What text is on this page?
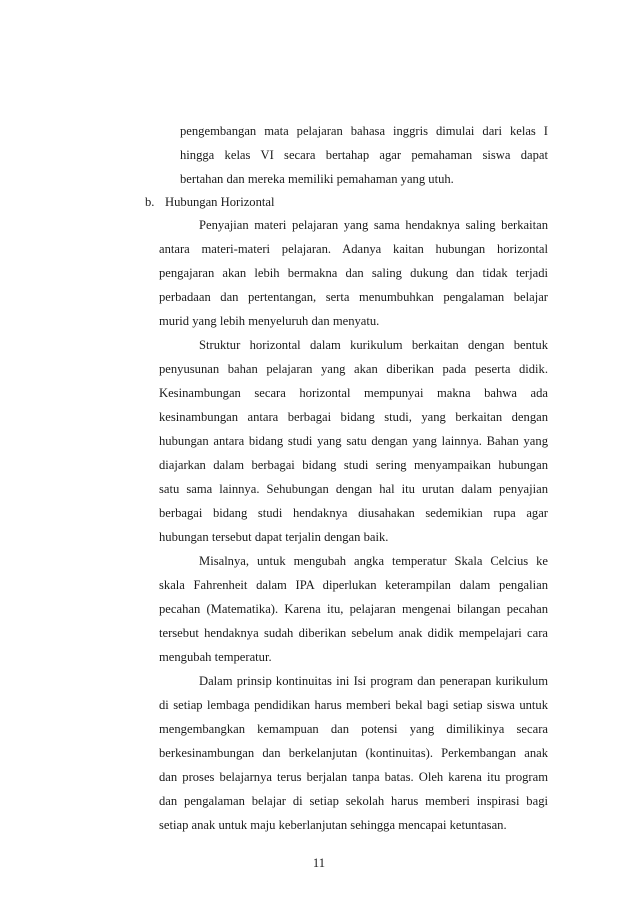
pengembangan mata pelajaran bahasa inggris dimulai dari kelas I
hingga kelas VI secara bertahap agar pemahaman siswa dapat
bertahan dan mereka memiliki pemahaman yang utuh.
b. Hubungan Horizontal
Penyajian materi pelajaran yang sama hendaknya saling berkaitan
antara materi-materi pelajaran. Adanya kaitan hubungan horizontal
pengajaran akan lebih bermakna dan saling dukung dan tidak terjadi
perbadaan dan pertentangan, serta menumbuhkan pengalaman belajar
murid yang lebih menyeluruh dan menyatu.
Struktur horizontal dalam kurikulum berkaitan dengan bentuk
penyusunan bahan pelajaran yang akan diberikan pada peserta didik.
Kesinambungan secara horizontal mempunyai makna bahwa ada
kesinambungan antara berbagai bidang studi, yang berkaitan dengan
hubungan antara bidang studi yang satu dengan yang lainnya. Bahan yang
diajarkan dalam berbagai bidang studi sering menyampaikan hubungan
satu sama lainnya. Sehubungan dengan hal itu urutan dalam penyajian
berbagai bidang studi hendaknya diusahakan sedemikian rupa agar
hubungan tersebut dapat terjalin dengan baik.
Misalnya, untuk mengubah angka temperatur Skala Celcius ke
skala Fahrenheit dalam IPA diperlukan keterampilan dalam pengalian
pecahan (Matematika). Karena itu, pelajaran mengenai bilangan pecahan
tersebut hendaknya sudah diberikan sebelum anak didik mempelajari cara
mengubah temperatur.
Dalam prinsip kontinuitas ini Isi program dan penerapan kurikulum
di setiap lembaga pendidikan harus memberi bekal bagi setiap siswa untuk
mengembangkan kemampuan dan potensi yang dimilikinya secara
berkesinambungan dan berkelanjutan (kontinuitas). Perkembangan anak
dan proses belajarnya terus berjalan tanpa batas. Oleh karena itu program
dan pengalaman belajar di setiap sekolah harus memberi inspirasi bagi
setiap anak untuk maju keberlanjutan sehingga mencapai ketuntasan.
11
